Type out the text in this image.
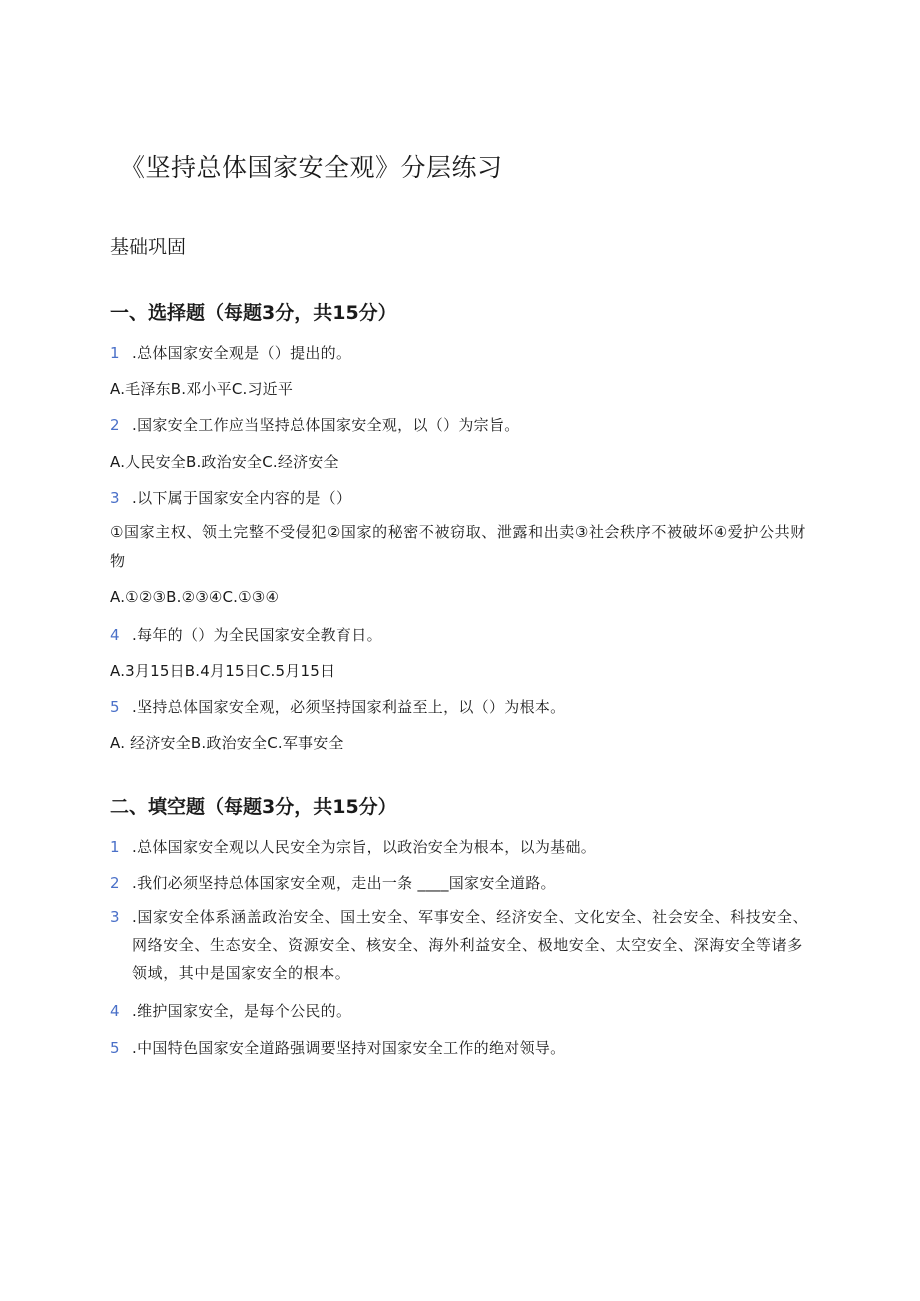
《坚持总体国家安全观》分层练习
基础巩固
一、选择题（每题3分，共15分）
1 .总体国家安全观是（）提出的。
A.毛泽东B.邓小平C.习近平
2 .国家安全工作应当坚持总体国家安全观，以（）为宗旨。
A.人民安全B.政治安全C.经济安全
3 .以下属于国家安全内容的是（）
①国家主权、领土完整不受侵犯②国家的秘密不被窃取、泄露和出卖③社会秩序不被破坏④爱护公共财物
A.①②③B.②③④C.①③④
4 .每年的（）为全民国家安全教育日。
A.3月15日B.4月15日C.5月15日
5 .坚持总体国家安全观，必须坚持国家利益至上，以（）为根本。
A. 经济安全B.政治安全C.军事安全
二、填空题（每题3分，共15分）
1 .总体国家安全观以人民安全为宗旨，以政治安全为根本，以为基础。
2 .我们必须坚持总体国家安全观，走出一条 ____国家安全道路。
3 .国家安全体系涵盖政治安全、国土安全、军事安全、经济安全、文化安全、社会安全、科技安全、网络安全、生态安全、资源安全、核安全、海外利益安全、极地安全、太空安全、深海安全等诸多领域，其中是国家安全的根本。
4 .维护国家安全，是每个公民的。
5 .中国特色国家安全道路强调要坚持对国家安全工作的绝对领导。
